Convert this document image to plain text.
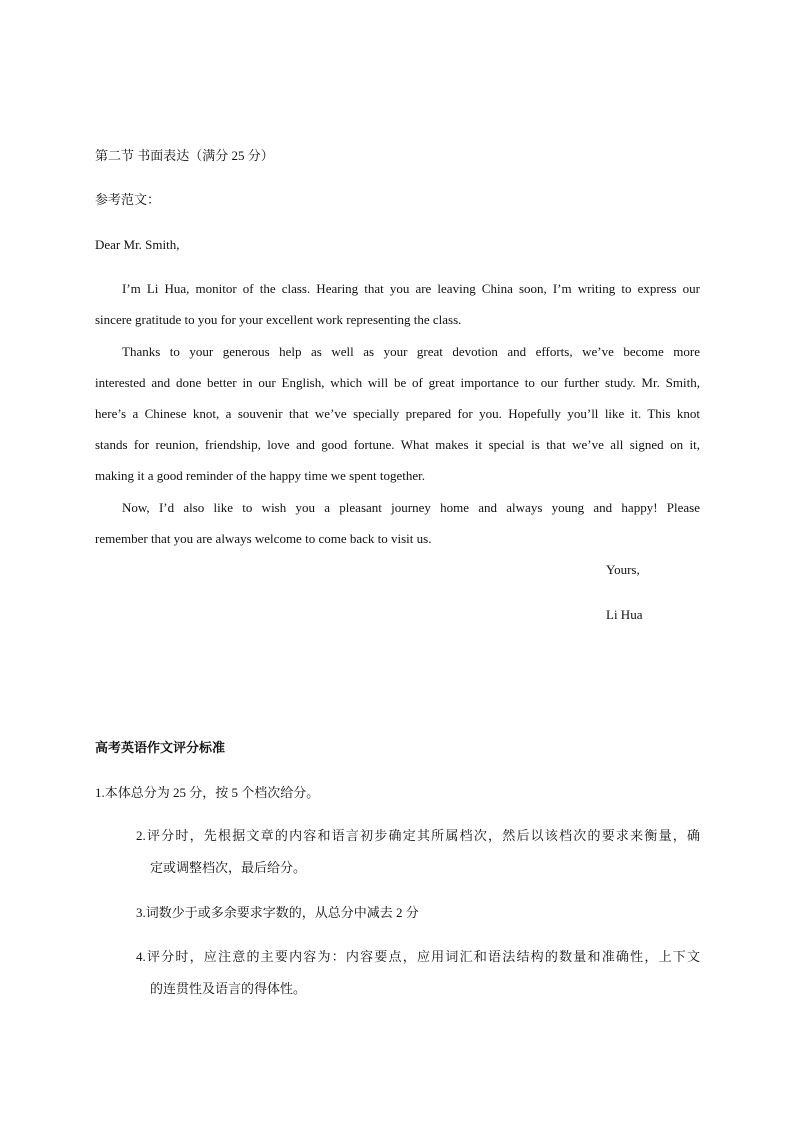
第二节 书面表达（满分 25 分）
参考范文：
Dear Mr. Smith,
I’m Li Hua, monitor of the class. Hearing that you are leaving China soon, I’m writing to express our
sincere gratitude to you for your excellent work representing the class.
Thanks to your generous help as well as your great devotion and efforts, we’ve become more
interested and done better in our English, which will be of great importance to our further study. Mr. Smith,
here’s a Chinese knot, a souvenir that we’ve specially prepared for you. Hopefully you’ll like it. This knot
stands for reunion, friendship, love and good fortune. What makes it special is that we’ve all signed on it,
making it a good reminder of the happy time we spent together.
Now, I’d also like to wish you a pleasant journey home and always young and happy! Please
remember that you are always welcome to come back to visit us.
Yours,
Li Hua
高考英语作文评分标准
1.本体总分为 25 分，按 5 个档次给分。
2.评分时，先根据文章的内容和语言初步确定其所属档次，然后以该档次的要求来衡量，确
定或调整档次，最后给分。
3.词数少于或多余要求字数的，从总分中减去 2 分
4.评分时，应注意的主要内容为：内容要点，应用词汇和语法结构的数量和准确性，上下文
的连贯性及语言的得体性。
